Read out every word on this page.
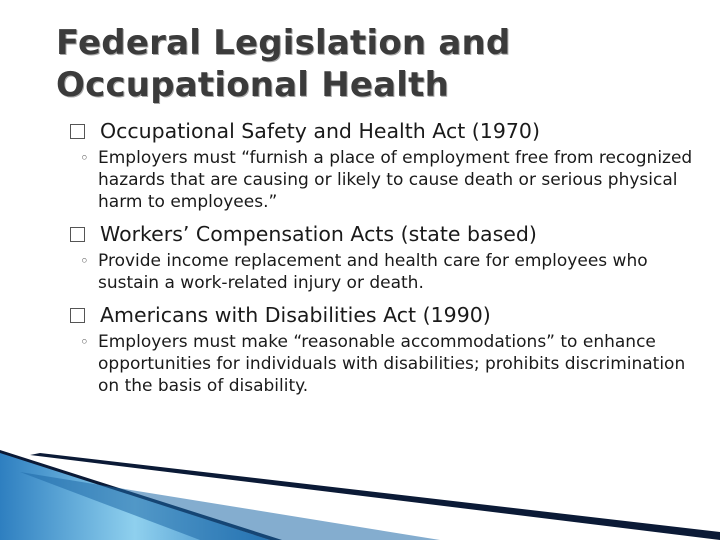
Federal Legislation and
Occupational Health
Occupational Safety and Health Act (1970)
◦ Employers must “furnish a place of employment free from recognized hazards that are causing or likely to cause death or serious physical harm to employees.”
Workers’ Compensation Acts (state based)
◦ Provide income replacement and health care for employees who sustain a work-related injury or death.
Americans with Disabilities Act (1990)
◦ Employers must make “reasonable accommodations” to enhance opportunities for individuals with disabilities; prohibits discrimination on the basis of disability.
